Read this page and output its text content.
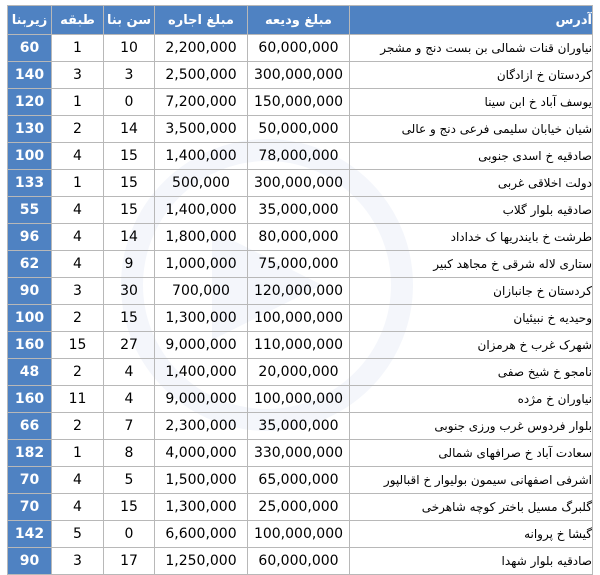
زیربنا	طبقه	سن بنا	مبلغ اجاره	مبلغ ودیعه	آدرس
60	1	10	2,200,000	60,000,000	نیاوران قنات شمالی بن بست دنج و مشجر
140	3	3	2,500,000	300,000,000	کردستان خ ازادگان
120	1	0	7,200,000	150,000,000	یوسف آباد خ ابن سینا
130	2	14	3,500,000	50,000,000	شیان خیابان سلیمی فرعی دنج و عالی
100	4	15	1,400,000	78,000,000	صادقیه خ اسدی جنوبی
133	1	15	500,000	300,000,000	دولت اخلاقی غربی
55	4	15	1,400,000	35,000,000	صادقیه بلوار گلاب
96	4	14	1,800,000	80,000,000	طرشت خ بایندریها ک خداداد
62	4	9	1,000,000	75,000,000	ستاری لاله شرقی خ مجاهد کبیر
90	3	30	700,000	120,000,000	کردستان خ جانبازان
100	2	15	1,300,000	100,000,000	وحیدیه خ نبیئیان
160	15	27	9,000,000	110,000,000	شهرک غرب خ هرمزان
48	2	4	1,400,000	20,000,000	نامجو خ شیخ صفی
160	11	4	9,000,000	100,000,000	نیاوران خ مژده
66	2	7	2,300,000	35,000,000	بلوار فردوس غرب ورزی جنوبی
182	1	8	4,000,000	330,000,000	سعادت آباد خ صرافهای شمالی
70	4	5	1,500,000	65,000,000	اشرفی اصفهانی سیمون بولیوار خ اقبالپور
70	4	15	1,300,000	25,000,000	گلبرگ مسیل باختر کوچه شاهرخی
142	5	0	6,600,000	100,000,000	گیشا خ پروانه
90	3	17	1,250,000	60,000,000	صادقیه بلوار شهدا
